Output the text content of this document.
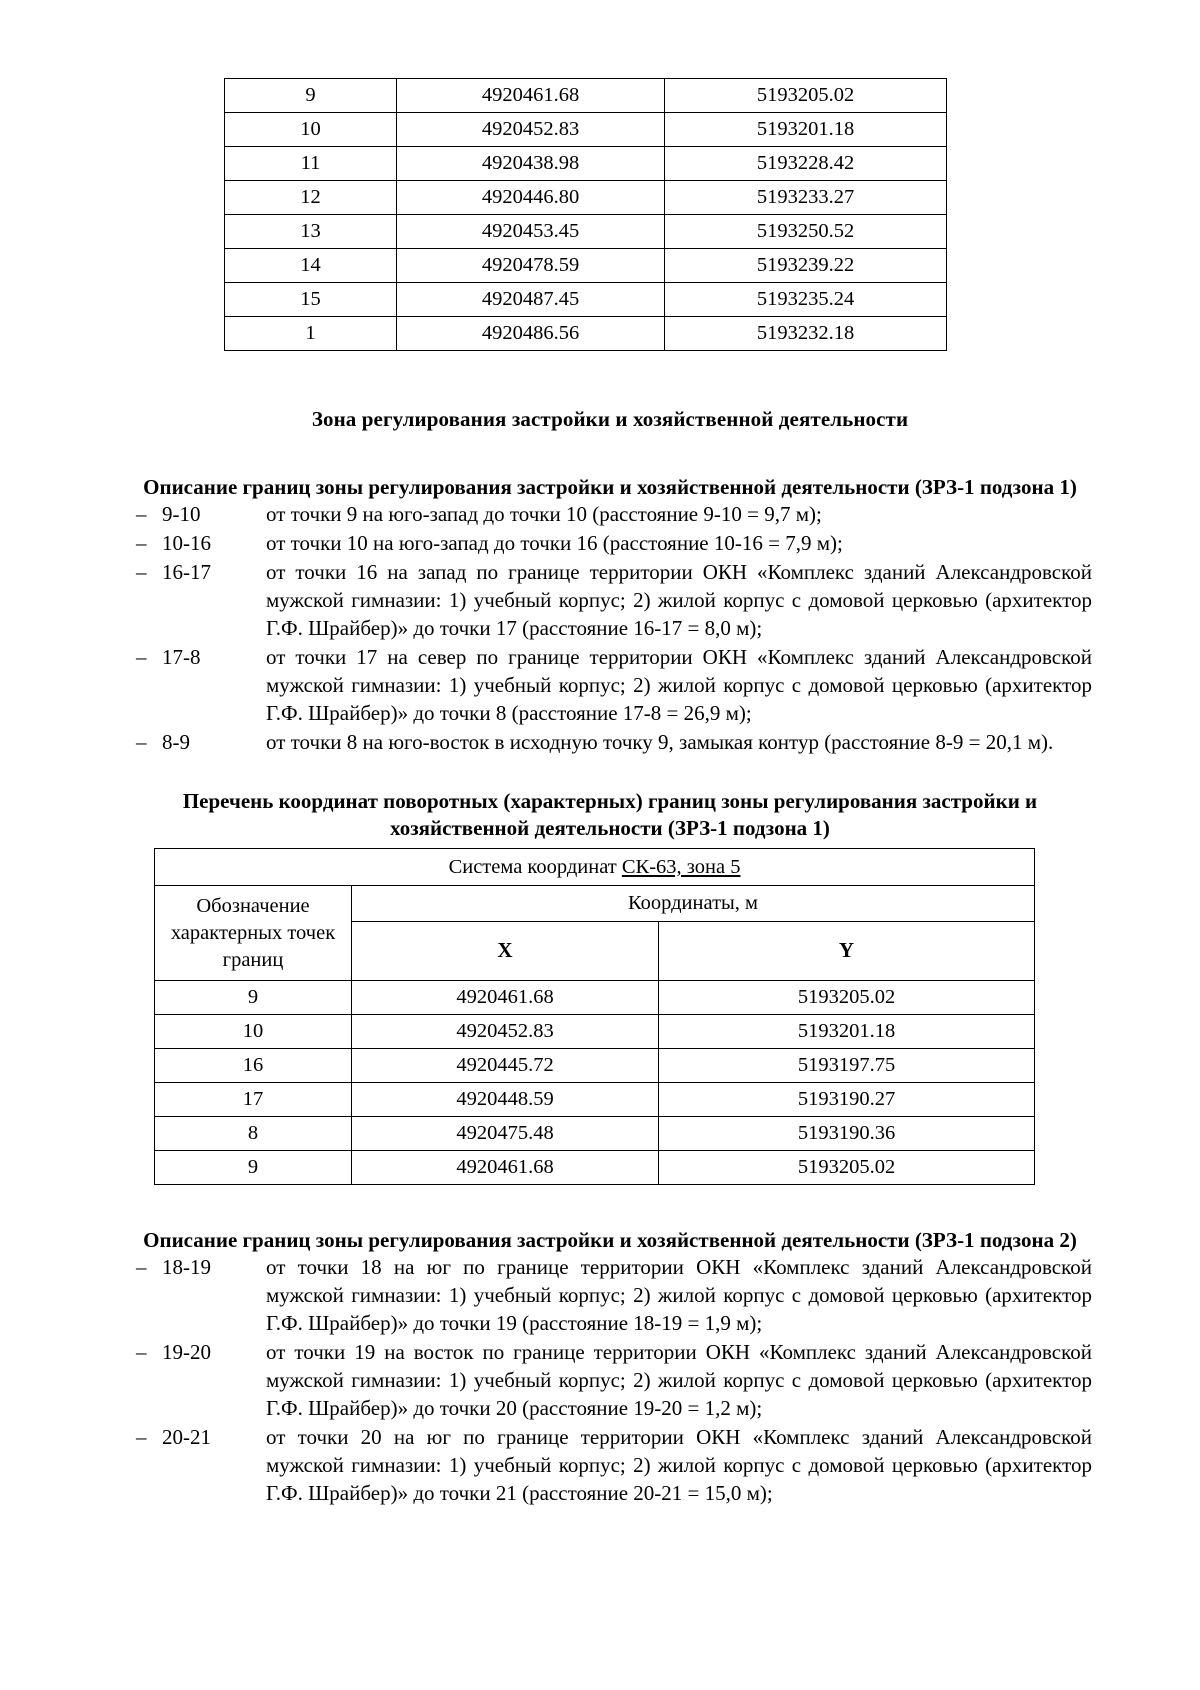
9	4920461.68	5193205.02
10	4920452.83	5193201.18
11	4920438.98	5193228.42
12	4920446.80	5193233.27
13	4920453.45	5193250.52
14	4920478.59	5193239.22
15	4920487.45	5193235.24
1	4920486.56	5193232.18
Зона регулирования застройки и хозяйственной деятельности
Описание границ зоны регулирования застройки и хозяйственной деятельности (ЗРЗ-1 подзона 1)
– 9-10	от точки 9 на юго-запад до точки 10 (расстояние 9-10 = 9,7 м);
– 10-16	от точки 10 на юго-запад до точки 16 (расстояние 10-16 = 7,9 м);
– 16-17	от точки 16 на запад по границе территории ОКН «Комплекс зданий Александровской мужской гимназии: 1) учебный корпус; 2) жилой корпус с домовой церковью (архитектор Г.Ф. Шрайбер)» до точки 17 (расстояние 16-17 = 8,0 м);
– 17-8	от точки 17 на север по границе территории ОКН «Комплекс зданий Александровской мужской гимназии: 1) учебный корпус; 2) жилой корпус с домовой церковью (архитектор Г.Ф. Шрайбер)» до точки 8 (расстояние 17-8 = 26,9 м);
– 8-9	от точки 8 на юго-восток в исходную точку 9, замыкая контур (расстояние 8-9 = 20,1 м).
Перечень координат поворотных (характерных) границ зоны регулирования застройки и хозяйственной деятельности (ЗРЗ-1 подзона 1)
Система координат СК-63, зона 5		
Обозначение характерных точек границ	Координаты, м	
	X	Y
9	4920461.68	5193205.02
10	4920452.83	5193201.18
16	4920445.72	5193197.75
17	4920448.59	5193190.27
8	4920475.48	5193190.36
9	4920461.68	5193205.02
Описание границ зоны регулирования застройки и хозяйственной деятельности (ЗРЗ-1 подзона 2)
– 18-19	от точки 18 на юг по границе территории ОКН «Комплекс зданий Александровской мужской гимназии: 1) учебный корпус; 2) жилой корпус с домовой церковью (архитектор Г.Ф. Шрайбер)» до точки 19 (расстояние 18-19 = 1,9 м);
– 19-20	от точки 19 на восток по границе территории ОКН «Комплекс зданий Александровской мужской гимназии: 1) учебный корпус; 2) жилой корпус с домовой церковью (архитектор Г.Ф. Шрайбер)» до точки 20 (расстояние 19-20 = 1,2 м);
– 20-21	от точки 20 на юг по границе территории ОКН «Комплекс зданий Александровской мужской гимназии: 1) учебный корпус; 2) жилой корпус с домовой церковью (архитектор Г.Ф. Шрайбер)» до точки 21 (расстояние 20-21 = 15,0 м);
